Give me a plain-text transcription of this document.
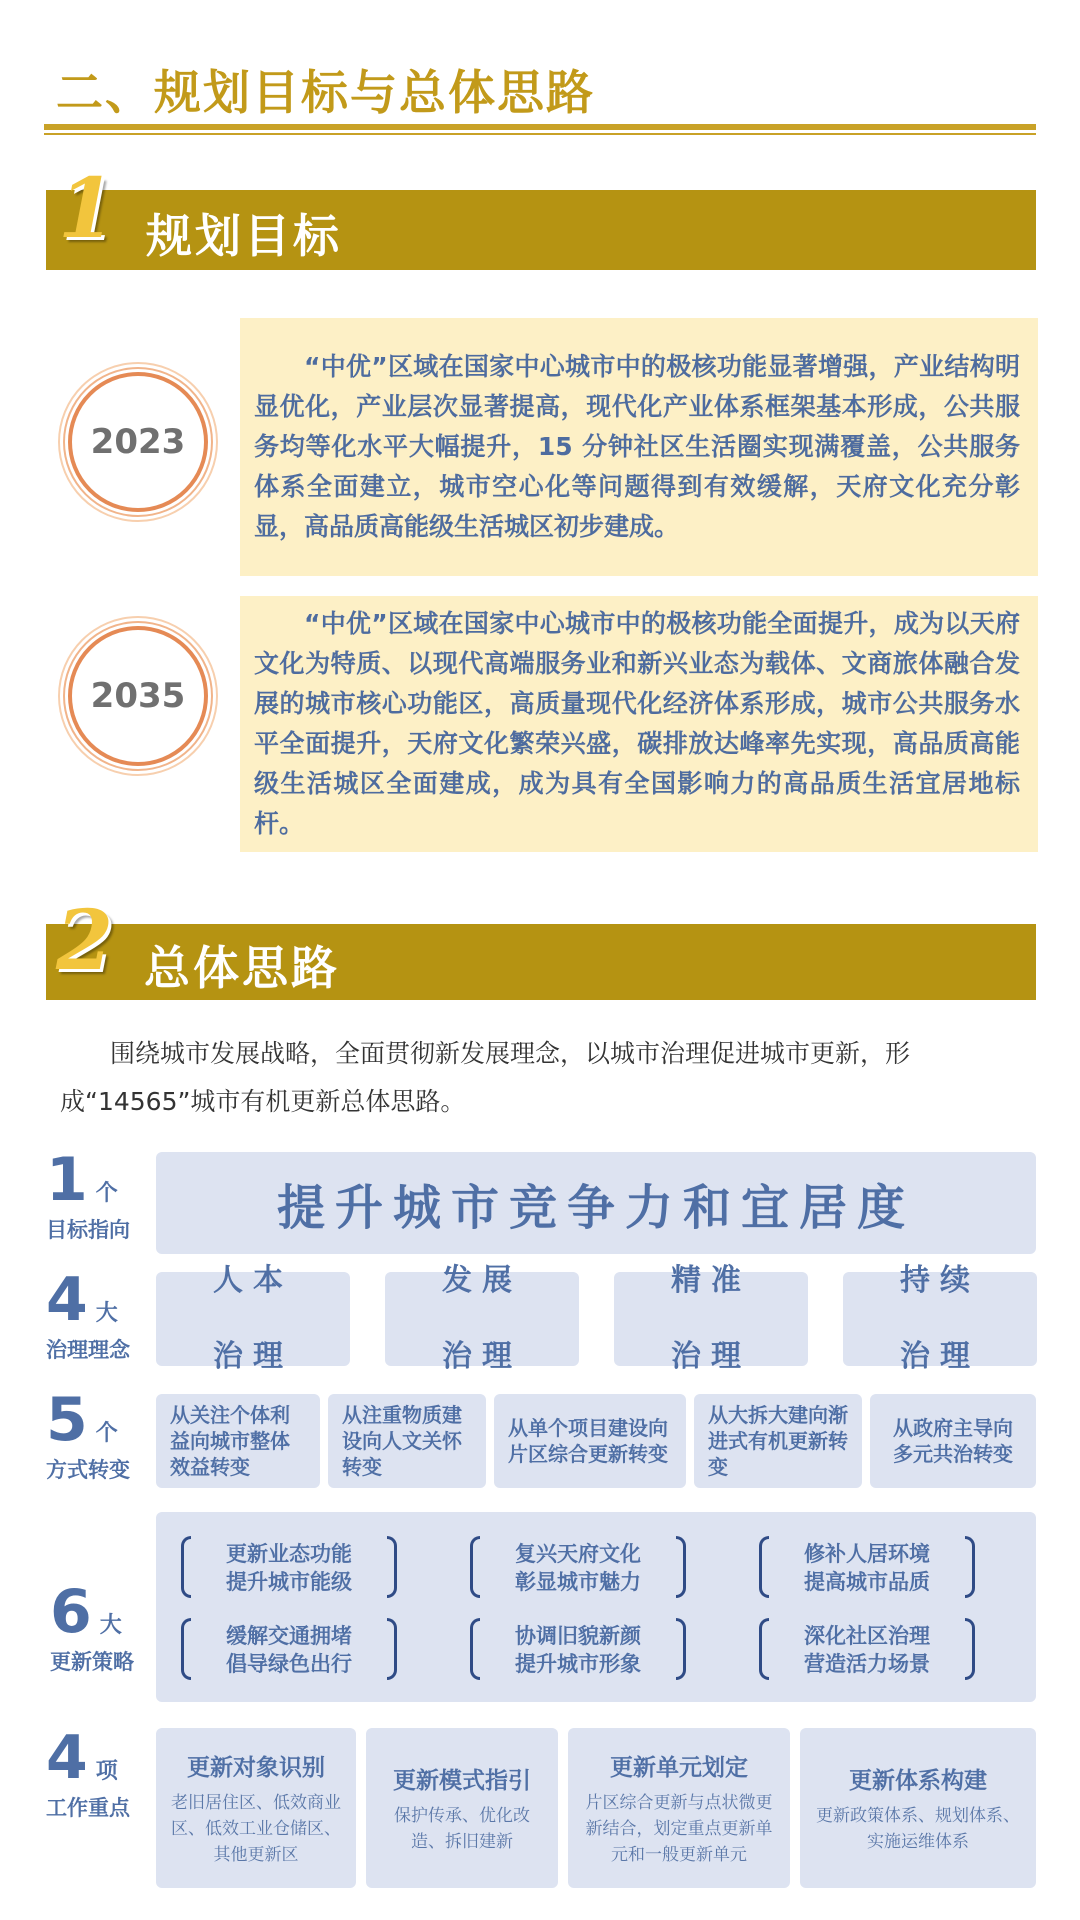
二、规划目标与总体思路
1 规划目标
2023
“中优”区域在国家中心城市中的极核功能显著增强，产业结构明显优化，产业层次显著提高，现代化产业体系框架基本形成，公共服务均等化水平大幅提升，15 分钟社区生活圈实现满覆盖，公共服务体系全面建立，城市空心化等问题得到有效缓解，天府文化充分彰显，高品质高能级生活城区初步建成。
2035
“中优”区域在国家中心城市中的极核功能全面提升，成为以天府文化为特质、以现代高端服务业和新兴业态为载体、文商旅体融合发展的城市核心功能区，高质量现代化经济体系形成，城市公共服务水平全面提升，天府文化繁荣兴盛，碳排放达峰率先实现，高品质高能级生活城区全面建成，成为具有全国影响力的高品质生活宜居地标杆。
2 总体思路
围绕城市发展战略，全面贯彻新发展理念，以城市治理促进城市更新，形成“14565”城市有机更新总体思路。
1 个
目标指向	提升城市竞争力和宜居度
4 大
治理理念
人本

治理
发展

治理
精准

治理
持续

治理
5 个
方式转变
从关注个体利益向城市整体效益转变
从注重物质建设向人文关怀转变
从单个项目建设向片区综合更新转变
从大拆大建向渐进式有机更新转变
从政府主导向多元共治转变
6 大
更新策略
更新业态功能
提升城市能级
复兴天府文化
彰显城市魅力
修补人居环境
提高城市品质
缓解交通拥堵
倡导绿色出行
协调旧貌新颜
提升城市形象
深化社区治理
营造活力场景
4 项
工作重点
更新对象识别
老旧居住区、低效商业区、低效工业仓储区、其他更新区
更新模式指引
保护传承、优化改造、拆旧建新
更新单元划定
片区综合更新与点状微更新结合，划定重点更新单元和一般更新单元
更新体系构建
更新政策体系、规划体系、实施运维体系
